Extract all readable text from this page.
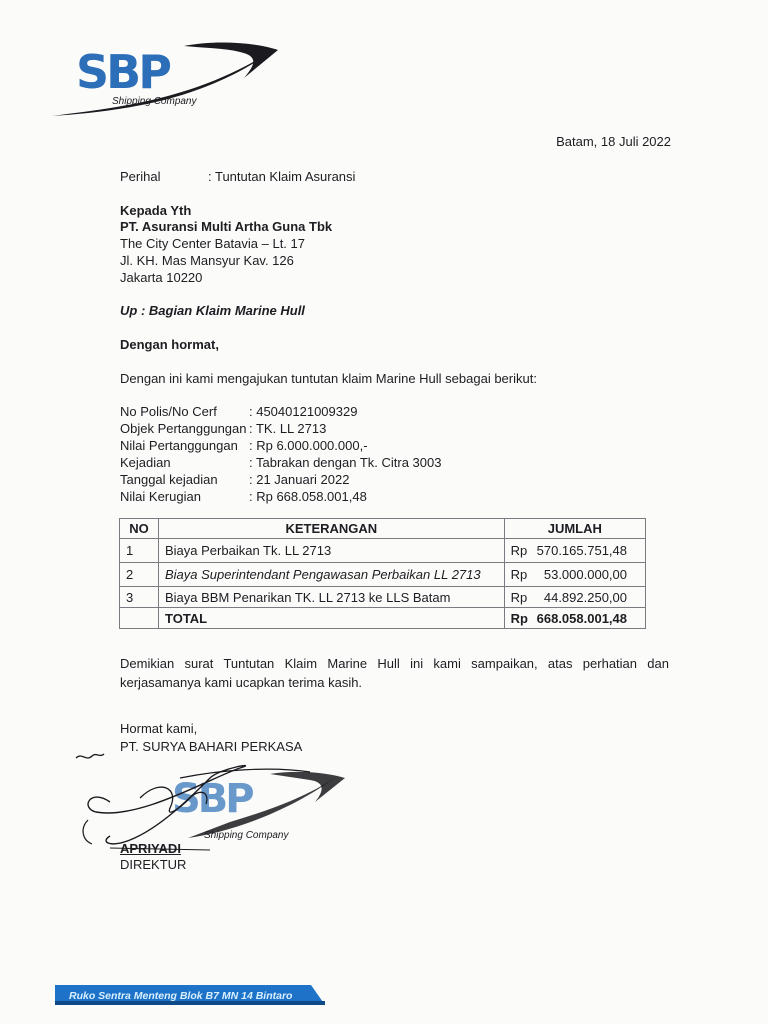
SBP
Shipping Company
Batam, 18 Juli 2022
Perihal	: Tuntutan Klaim Asuransi
Kepada Yth
PT. Asuransi Multi Artha Guna Tbk
The City Center Batavia – Lt. 17
Jl. KH. Mas Mansyur Kav. 126
Jakarta 10220
Up : Bagian Klaim Marine Hull
Dengan hormat,
Dengan ini kami mengajukan tuntutan klaim Marine Hull sebagai berikut:
No Polis/No Cerf : 45040121009329
Objek Pertanggungan : TK. LL 2713
Nilai Pertanggungan : Rp 6.000.000.000,-
Kejadian	: Tabrakan dengan Tk. Citra 3003
Tanggal kejadian : 21 Januari 2022
Nilai Kerugian	: Rp 668.058.001,48
NO	KETERANGAN	JUMLAH	
1	Biaya Perbaikan Tk. LL 2713	Rp	570.165.751,48
2	Biaya Superintendant Pengawasan Perbaikan LL 2713	Rp	53.000.000,00
3	Biaya BBM Penarikan TK. LL 2713 ke LLS Batam	Rp	44.892.250,00
	TOTAL	Rp	668.058.001,48
Demikian surat Tuntutan Klaim Marine Hull ini kami sampaikan, atas perhatian dan kerjasamanya kami ucapkan terima kasih.
Hormat kami,
PT. SURYA BAHARI PERKASA
SBP
Shipping Company
APRIYADI
DIREKTUR
Ruko Sentra Menteng Blok B7 MN 14 Bintaro
